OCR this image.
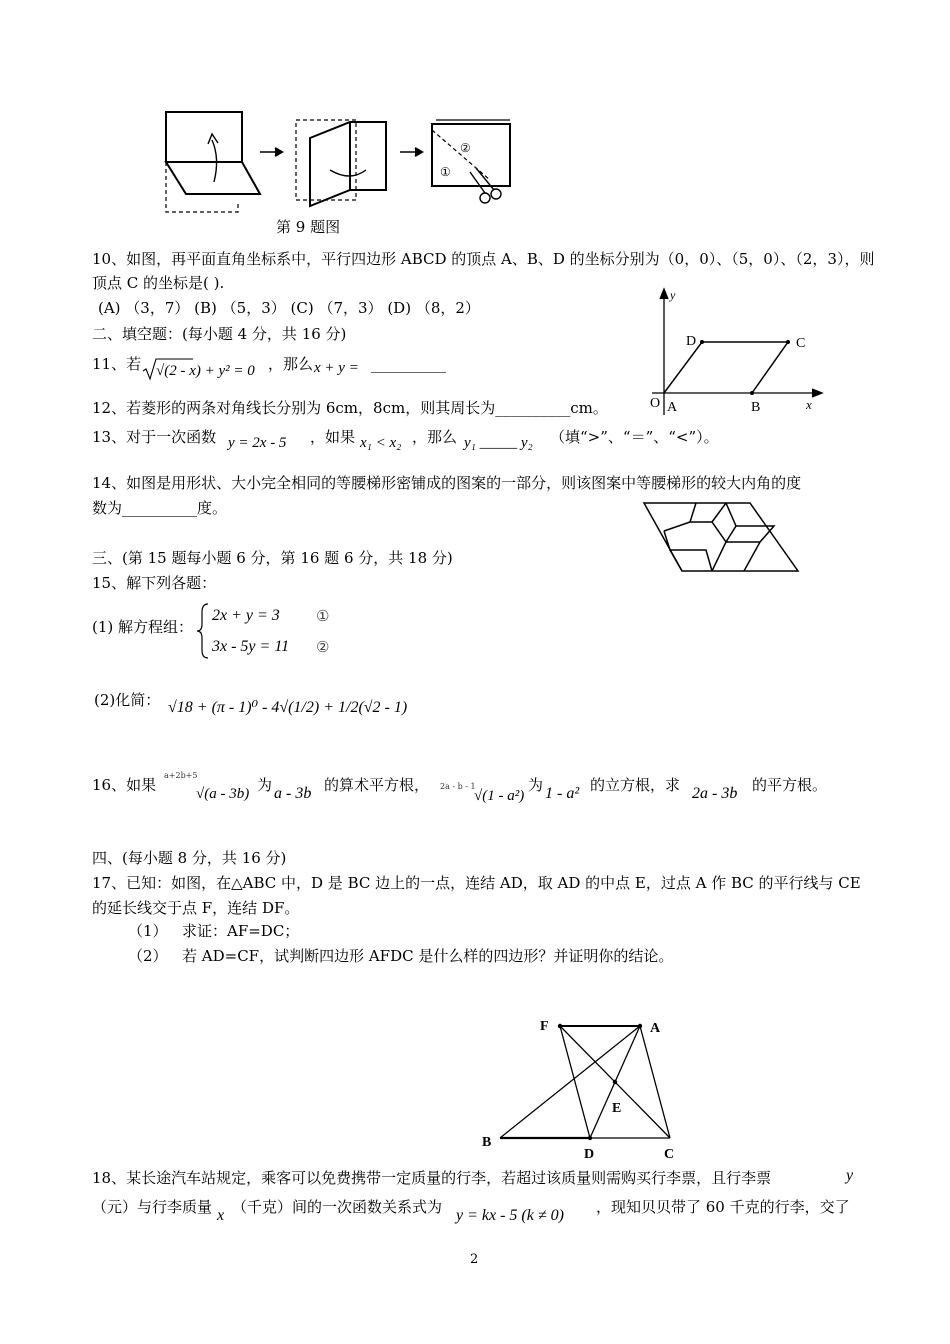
②
①
第 9 题图
10、如图，再平面直角坐标系中，平行四边形 ABCD 的顶点 A、B、D 的坐标分别为（0，0）、（5，0）、（2，3），则
顶点 C 的坐标是( ).
(A) （3，7） (B) （5，3） (C) （7，3） (D) （8，2）
y
x
O A	B
D	C
二、填空题：(每小题 4 分，共 16 分)
11、若 √(2 - x) + y² = 0 ，那么 x + y = __________
12、若菱形的两条对角线长分别为 6cm，8cm，则其周长为__________cm。
13、对于一次函数 y = 2x - 5 ，如果 x₁ < x₂ ，那么 y₁ _____ y₂ （填“>”、“＝”、“<”）。
14、如图是用形状、大小完全相同的等腰梯形密铺成的图案的一部分，则该图案中等腰梯形的较大内角的度
数为__________度。
三、(第 15 题每小题 6 分，第 16 题 6 分，共 18 分)
15、解下列各题：
(1) 解方程组：
2x + y = 3
3x - 5y = 11
①
②
(2)化简： √18 + (π - 1)⁰ - 4√(1/2) + 1/2(√2 - 1)
16、如果
a+2b+5
√(a - 3b) 为 a - 3b 的算术平方根， 2a - b - 1
√(1 - a²)
为 1 - a² 的立方根，求 2a - 3b 的平方根。
四、(每小题 8 分，共 16 分)
17、已知：如图，在△ABC 中，D 是 BC 边上的一点，连结 AD，取 AD 的中点 E，过点 A 作 BC 的平行线与 CE
的延长线交于点 F，连结 DF。
（1） 求证：AF=DC；
（2） 若 AD=CF，试判断四边形 AFDC 是什么样的四边形？并证明你的结论。
F	A
E
B
D	C
18、某长途汽车站规定，乘客可以免费携带一定质量的行李，若超过该质量则需购买行李票，且行李票	y
（元）与行李质量 x （千克）间的一次函数关系式为 y = kx - 5 (k ≠ 0) ，现知贝贝带了 60 千克的行李，交了
2
